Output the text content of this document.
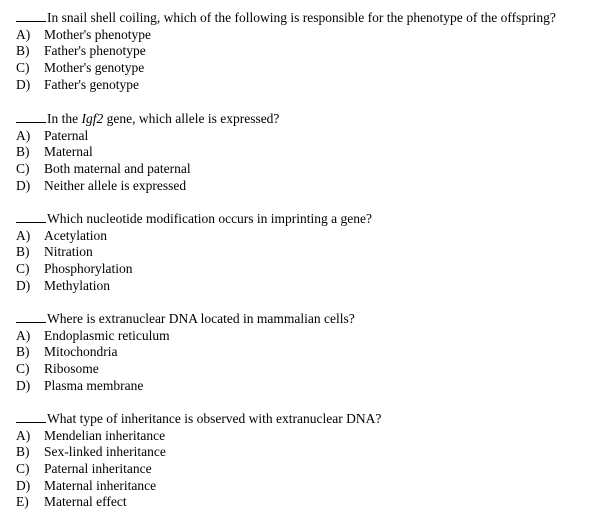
In snail shell coiling, which of the following is responsible for the phenotype of the offspring?
A)	Mother's phenotype
B)	Father's phenotype
C)	Mother's genotype
D)	Father's genotype
In the Igf2 gene, which allele is expressed?
A)	Paternal
B)	Maternal
C)	Both maternal and paternal
D)	Neither allele is expressed
Which nucleotide modification occurs in imprinting a gene?
A)	Acetylation
B)	Nitration
C)	Phosphorylation
D)	Methylation
Where is extranuclear DNA located in mammalian cells?
A)	Endoplasmic reticulum
B)	Mitochondria
C)	Ribosome
D)	Plasma membrane
What type of inheritance is observed with extranuclear DNA?
A)	Mendelian inheritance
B)	Sex-linked inheritance
C)	Paternal inheritance
D)	Maternal inheritance
E)	Maternal effect
